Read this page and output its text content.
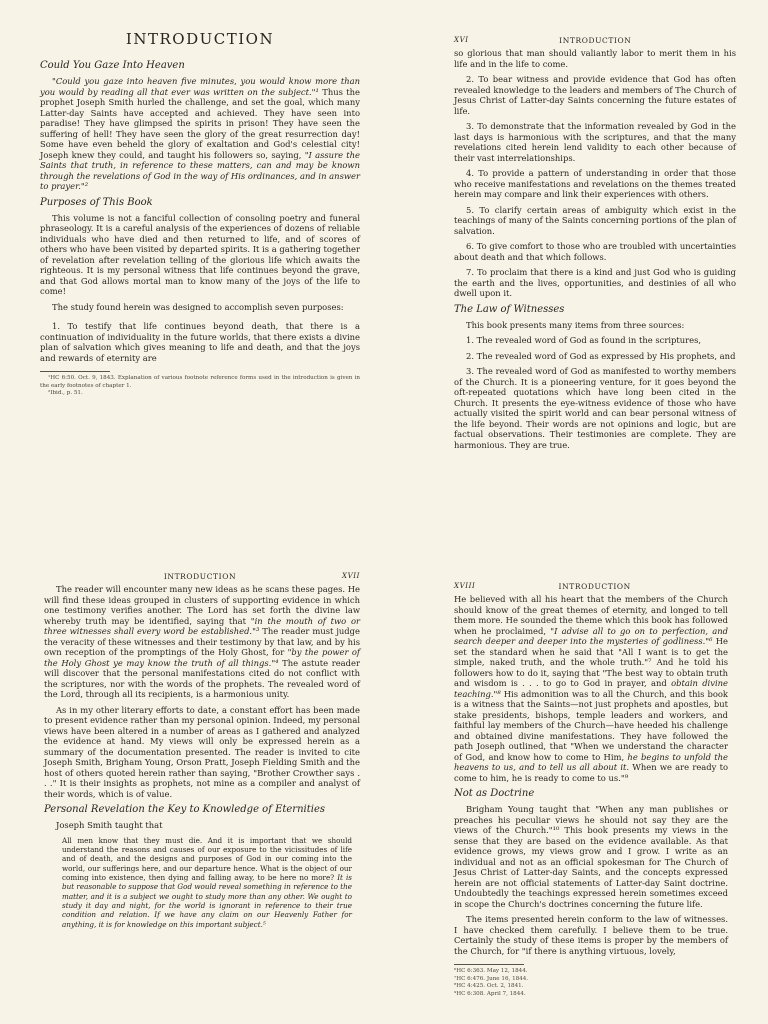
INTRODUCTION
Could You Gaze Into Heaven

"Could you gaze into heaven five minutes, you would know more than you would by reading all that ever was written on the subject."¹ Thus the prophet Joseph Smith hurled the challenge, and set the goal, which many Latter-day Saints have accepted and achieved. They have seen into paradise! They have glimpsed the spirits in prison! They have seen the suffering of hell! They have seen the glory of the great resurrection day! Some have even beheld the glory of exaltation and God's celestial city! Joseph knew they could, and taught his followers so, saying, "I assure the Saints that truth, in reference to these matters, can and may be known through the revelations of God in the way of His ordinances, and in answer to prayer."²

Purposes of This Book

This volume is not a fanciful collection of consoling poetry and funeral phraseology. It is a careful analysis of the experiences of dozens of reliable individuals who have died and then returned to life, and of scores of others who have been visited by departed spirits. It is a gathering together of revelation after revelation telling of the glorious life which awaits the righteous. It is my personal witness that life continues beyond the grave, and that God allows mortal man to know many of the joys of the life to come!

The study found herein was designed to accomplish seven purposes:

1. To testify that life continues beyond death, that there is a continuation of individuality in the future worlds, that there exists a divine plan of salvation which gives meaning to life and death, and that the joys and rewards of eternity are

¹HC 6:50. Oct. 9, 1843. Explanation of various footnote reference forms used in the introduction is given in the early footnotes of chapter 1.

²Ibid., p. 51.

XVI	INTRODUCTION

so glorious that man should valiantly labor to merit them in his life and in the life to come.

2. To bear witness and provide evidence that God has often revealed knowledge to the leaders and members of The Church of Jesus Christ of Latter-day Saints concerning the future estates of life.

3. To demonstrate that the information revealed by God in the last days is harmonious with the scriptures, and that the many revelations cited herein lend validity to each other because of their vast interrelationships.

4. To provide a pattern of understanding in order that those who receive manifestations and revelations on the themes treated herein may compare and link their experiences with others.

5. To clarify certain areas of ambiguity which exist in the teachings of many of the Saints concerning portions of the plan of salvation.

6. To give comfort to those who are troubled with uncertainties about death and that which follows.

7. To proclaim that there is a kind and just God who is guiding the earth and the lives, opportunities, and destinies of all who dwell upon it.

The Law of Witnesses

This book presents many items from three sources:

1. The revealed word of God as found in the scriptures,

2. The revealed word of God as expressed by His prophets, and

3. The revealed word of God as manifested to worthy members of the Church. It is a pioneering venture, for it goes beyond the oft-repeated quotations which have long been cited in the Church. It presents the eye-witness evidence of those who have actually visited the spirit world and can bear personal witness of the life beyond. Their words are not opinions and logic, but are factual observations. Their testimonies are complete. They are harmonious. They are true.

INTRODUCTION	XVII

The reader will encounter many new ideas as he scans these pages. He will find these ideas grouped in clusters of supporting evidence in which one testimony verifies another. The Lord has set forth the divine law whereby truth may be identified, saying that "in the mouth of two or three witnesses shall every word be established."³ The reader must judge the veracity of these witnesses and their testimony by that law, and by his own reception of the promptings of the Holy Ghost, for "by the power of the Holy Ghost ye may know the truth of all things."⁴ The astute reader will discover that the personal manifestations cited do not conflict with the scriptures, nor with the words of the prophets. The revealed word of the Lord, through all its recipients, is a harmonious unity.

As in my other literary efforts to date, a constant effort has been made to present evidence rather than my personal opinion. Indeed, my personal views have been altered in a number of areas as I gathered and analyzed the evidence at hand. My views will only be expressed herein as a summary of the documentation presented. The reader is invited to cite Joseph Smith, Brigham Young, Orson Pratt, Joseph Fielding Smith and the host of others quoted herein rather than saying, "Brother Crowther says . . ." It is their insights as prophets, not mine as a compiler and analyst of their words, which is of value.

Personal Revelation the Key to Knowledge of Eternities

Joseph Smith taught that

All men know that they must die. And it is important that we should understand the reasons and causes of our exposure to the vicissitudes of life and of death, and the designs and purposes of God in our coming into the world, our sufferings here, and our departure hence. What is the object of our coming into existence, then dying and falling away, to be here no more? It is but reasonable to suppose that God would reveal something in reference to the matter, and it is a subject we ought to study more than any other. We ought to study it day and night, for the world is ignorant in reference to their true condition and relation. If we have any claim on our Heavenly Father for anything, it is for knowledge on this important subject.⁵
XVIII	INTRODUCTION

He believed with all his heart that the members of the Church should know of the great themes of eternity, and longed to tell them more. He sounded the theme which this book has followed when he proclaimed, "I advise all to go on to perfection, and search deeper and deeper into the mysteries of godliness."⁶ He set the standard when he said that "All I want is to get the simple, naked truth, and the whole truth."⁷ And he told his followers how to do it, saying that "The best way to obtain truth and wisdom is . . . to go to God in prayer, and obtain divine teaching."⁸ His admonition was to all the Church, and this book is a witness that the Saints—not just prophets and apostles, but stake presidents, bishops, temple leaders and workers, and faithful lay members of the Church—have heeded his challenge and obtained divine manifestations. They have followed the path Joseph outlined, that "When we understand the character of God, and know how to come to Him, he begins to unfold the heavens to us, and to tell us all about it. When we are ready to come to him, he is ready to come to us."⁹

Not as Doctrine

Brigham Young taught that "When any man publishes or preaches his peculiar views he should not say they are the views of the Church."¹⁰ This book presents my views in the sense that they are based on the evidence available. As that evidence grows, my views grow and I grow. I write as an individual and not as an official spokesman for The Church of Jesus Christ of Latter-day Saints, and the concepts expressed herein are not official statements of Latter-day Saint doctrine. Undoubtedly the teachings expressed herein sometimes exceed in scope the Church's doctrines concerning the future life.

The items presented herein conform to the law of witnesses. I have checked them carefully. I believe them to be true. Certainly the study of these items is proper by the members of the Church, for "if there is anything virtuous, lovely,

⁶HC 6:363. May 12, 1844.

⁷HC 6:476. June 16, 1844.

⁸HC 4:425. Oct. 2, 1841.

⁹HC 6:308. April 7, 1844.
